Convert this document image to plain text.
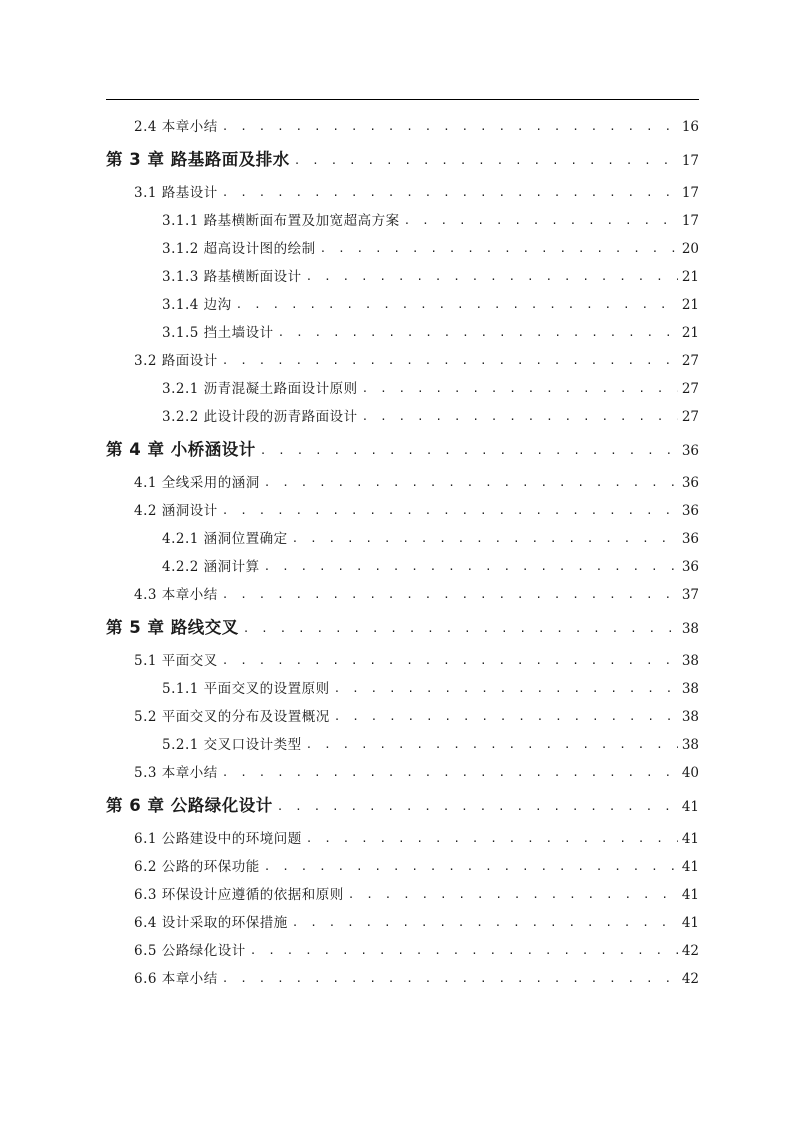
2.4 本章小结 . . .	16
第 3 章 路基路面及排水 . . .	17
3.1 路基设计 . . .	17
3.1.1 路基横断面布置及加宽超高方案 . . .	17
3.1.2 超高设计图的绘制 . . .	20
3.1.3 路基横断面设计 . . .	21
3.1.4 边沟 . . .	21
3.1.5 挡土墙设计 . . .	21
3.2 路面设计 . . .	27
3.2.1 沥青混凝土路面设计原则 . . .	27
3.2.2 此设计段的沥青路面设计 . . .	27
第 4 章 小桥涵设计 . . .	36
4.1 全线采用的涵洞 . . .	36
4.2 涵洞设计 . . .	36
4.2.1 涵洞位置确定 . . .	36
4.2.2 涵洞计算 . . .	36
4.3 本章小结 . . .	37
第 5 章 路线交叉 . . .	38
5.1 平面交叉 . . .	38
5.1.1 平面交叉的设置原则 . . .	38
5.2 平面交叉的分布及设置概况 . . .	38
5.2.1 交叉口设计类型 . . .	38
5.3 本章小结 . . .	40
第 6 章 公路绿化设计 . . .	41
6.1 公路建设中的环境问题 . . .	41
6.2 公路的环保功能 . . .	41
6.3 环保设计应遵循的依据和原则 . . .	41
6.4 设计采取的环保措施 . . .	41
6.5 公路绿化设计 . . .	42
6.6 本章小结 . . .	42
